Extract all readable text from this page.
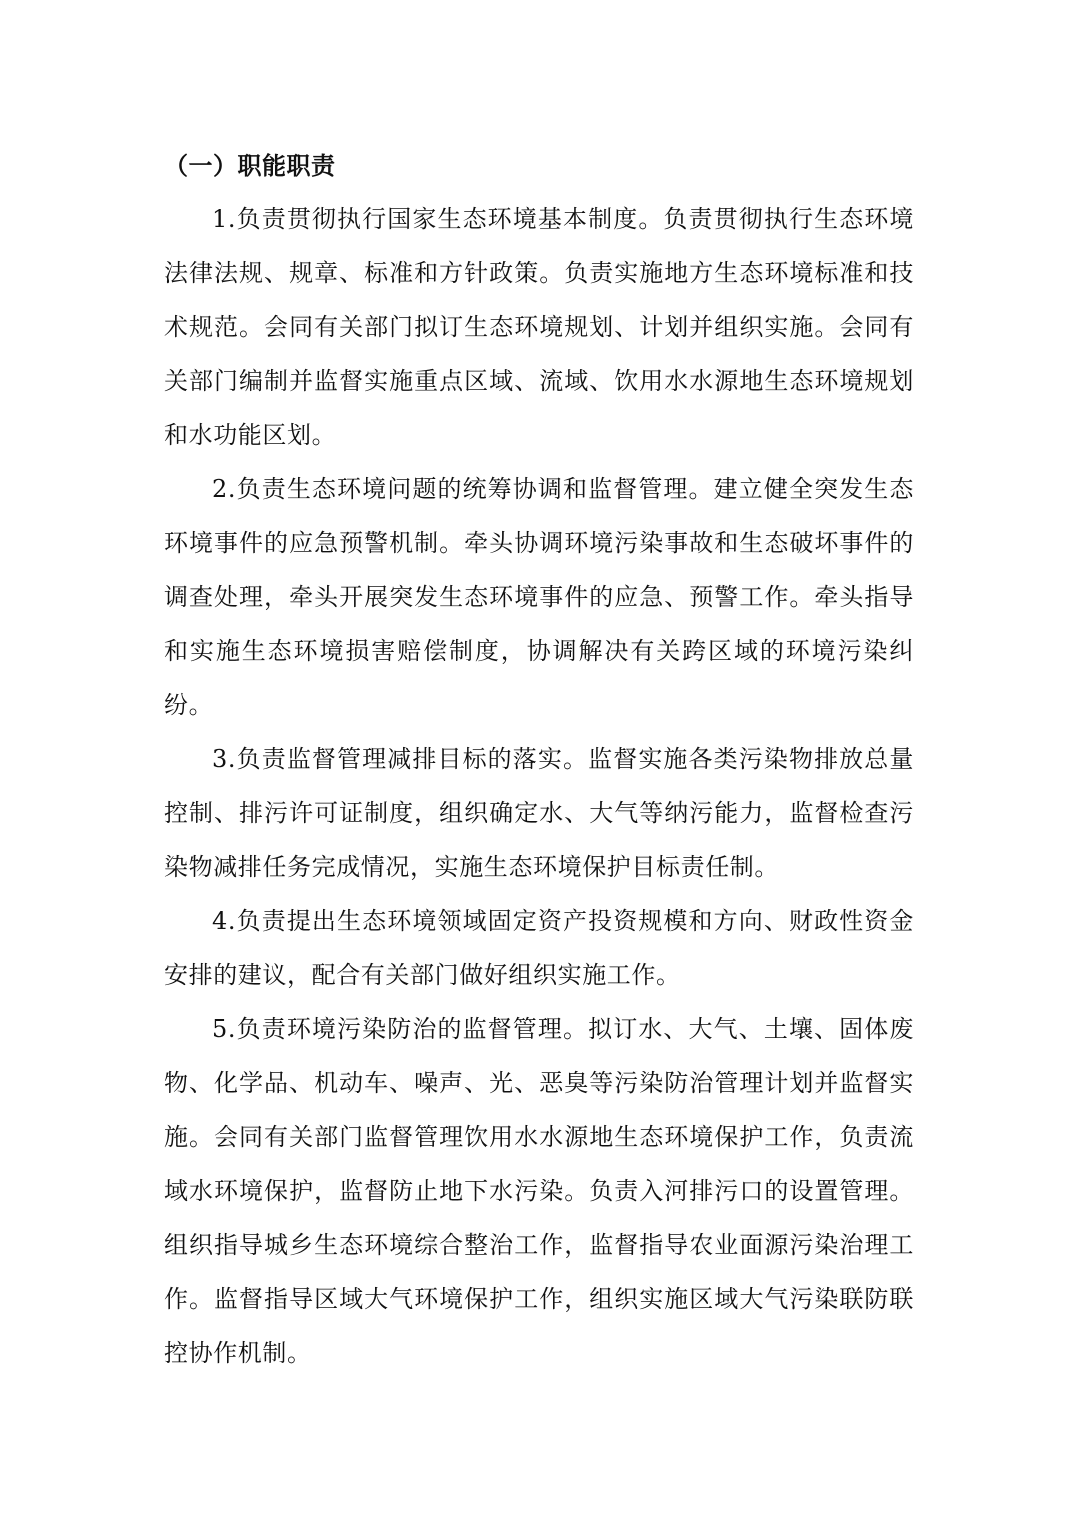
（一）职能职责

1.负责贯彻执行国家生态环境基本制度。负责贯彻执行生态环境法律法规、规章、标准和方针政策。负责实施地方生态环境标准和技术规范。会同有关部门拟订生态环境规划、计划并组织实施。会同有关部门编制并监督实施重点区域、流域、饮用水水源地生态环境规划和水功能区划。

2.负责生态环境问题的统筹协调和监督管理。建立健全突发生态环境事件的应急预警机制。牵头协调环境污染事故和生态破坏事件的调查处理，牵头开展突发生态环境事件的应急、预警工作。牵头指导和实施生态环境损害赔偿制度，协调解决有关跨区域的环境污染纠纷。

3.负责监督管理减排目标的落实。监督实施各类污染物排放总量控制、排污许可证制度，组织确定水、大气等纳污能力，监督检查污染物减排任务完成情况，实施生态环境保护目标责任制。

4.负责提出生态环境领域固定资产投资规模和方向、财政性资金安排的建议，配合有关部门做好组织实施工作。

5.负责环境污染防治的监督管理。拟订水、大气、土壤、固体废物、化学品、机动车、噪声、光、恶臭等污染防治管理计划并监督实施。会同有关部门监督管理饮用水水源地生态环境保护工作，负责流域水环境保护，监督防止地下水污染。负责入河排污口的设置管理。组织指导城乡生态环境综合整治工作，监督指导农业面源污染治理工作。监督指导区域大气环境保护工作，组织实施区域大气污染联防联控协作机制。
